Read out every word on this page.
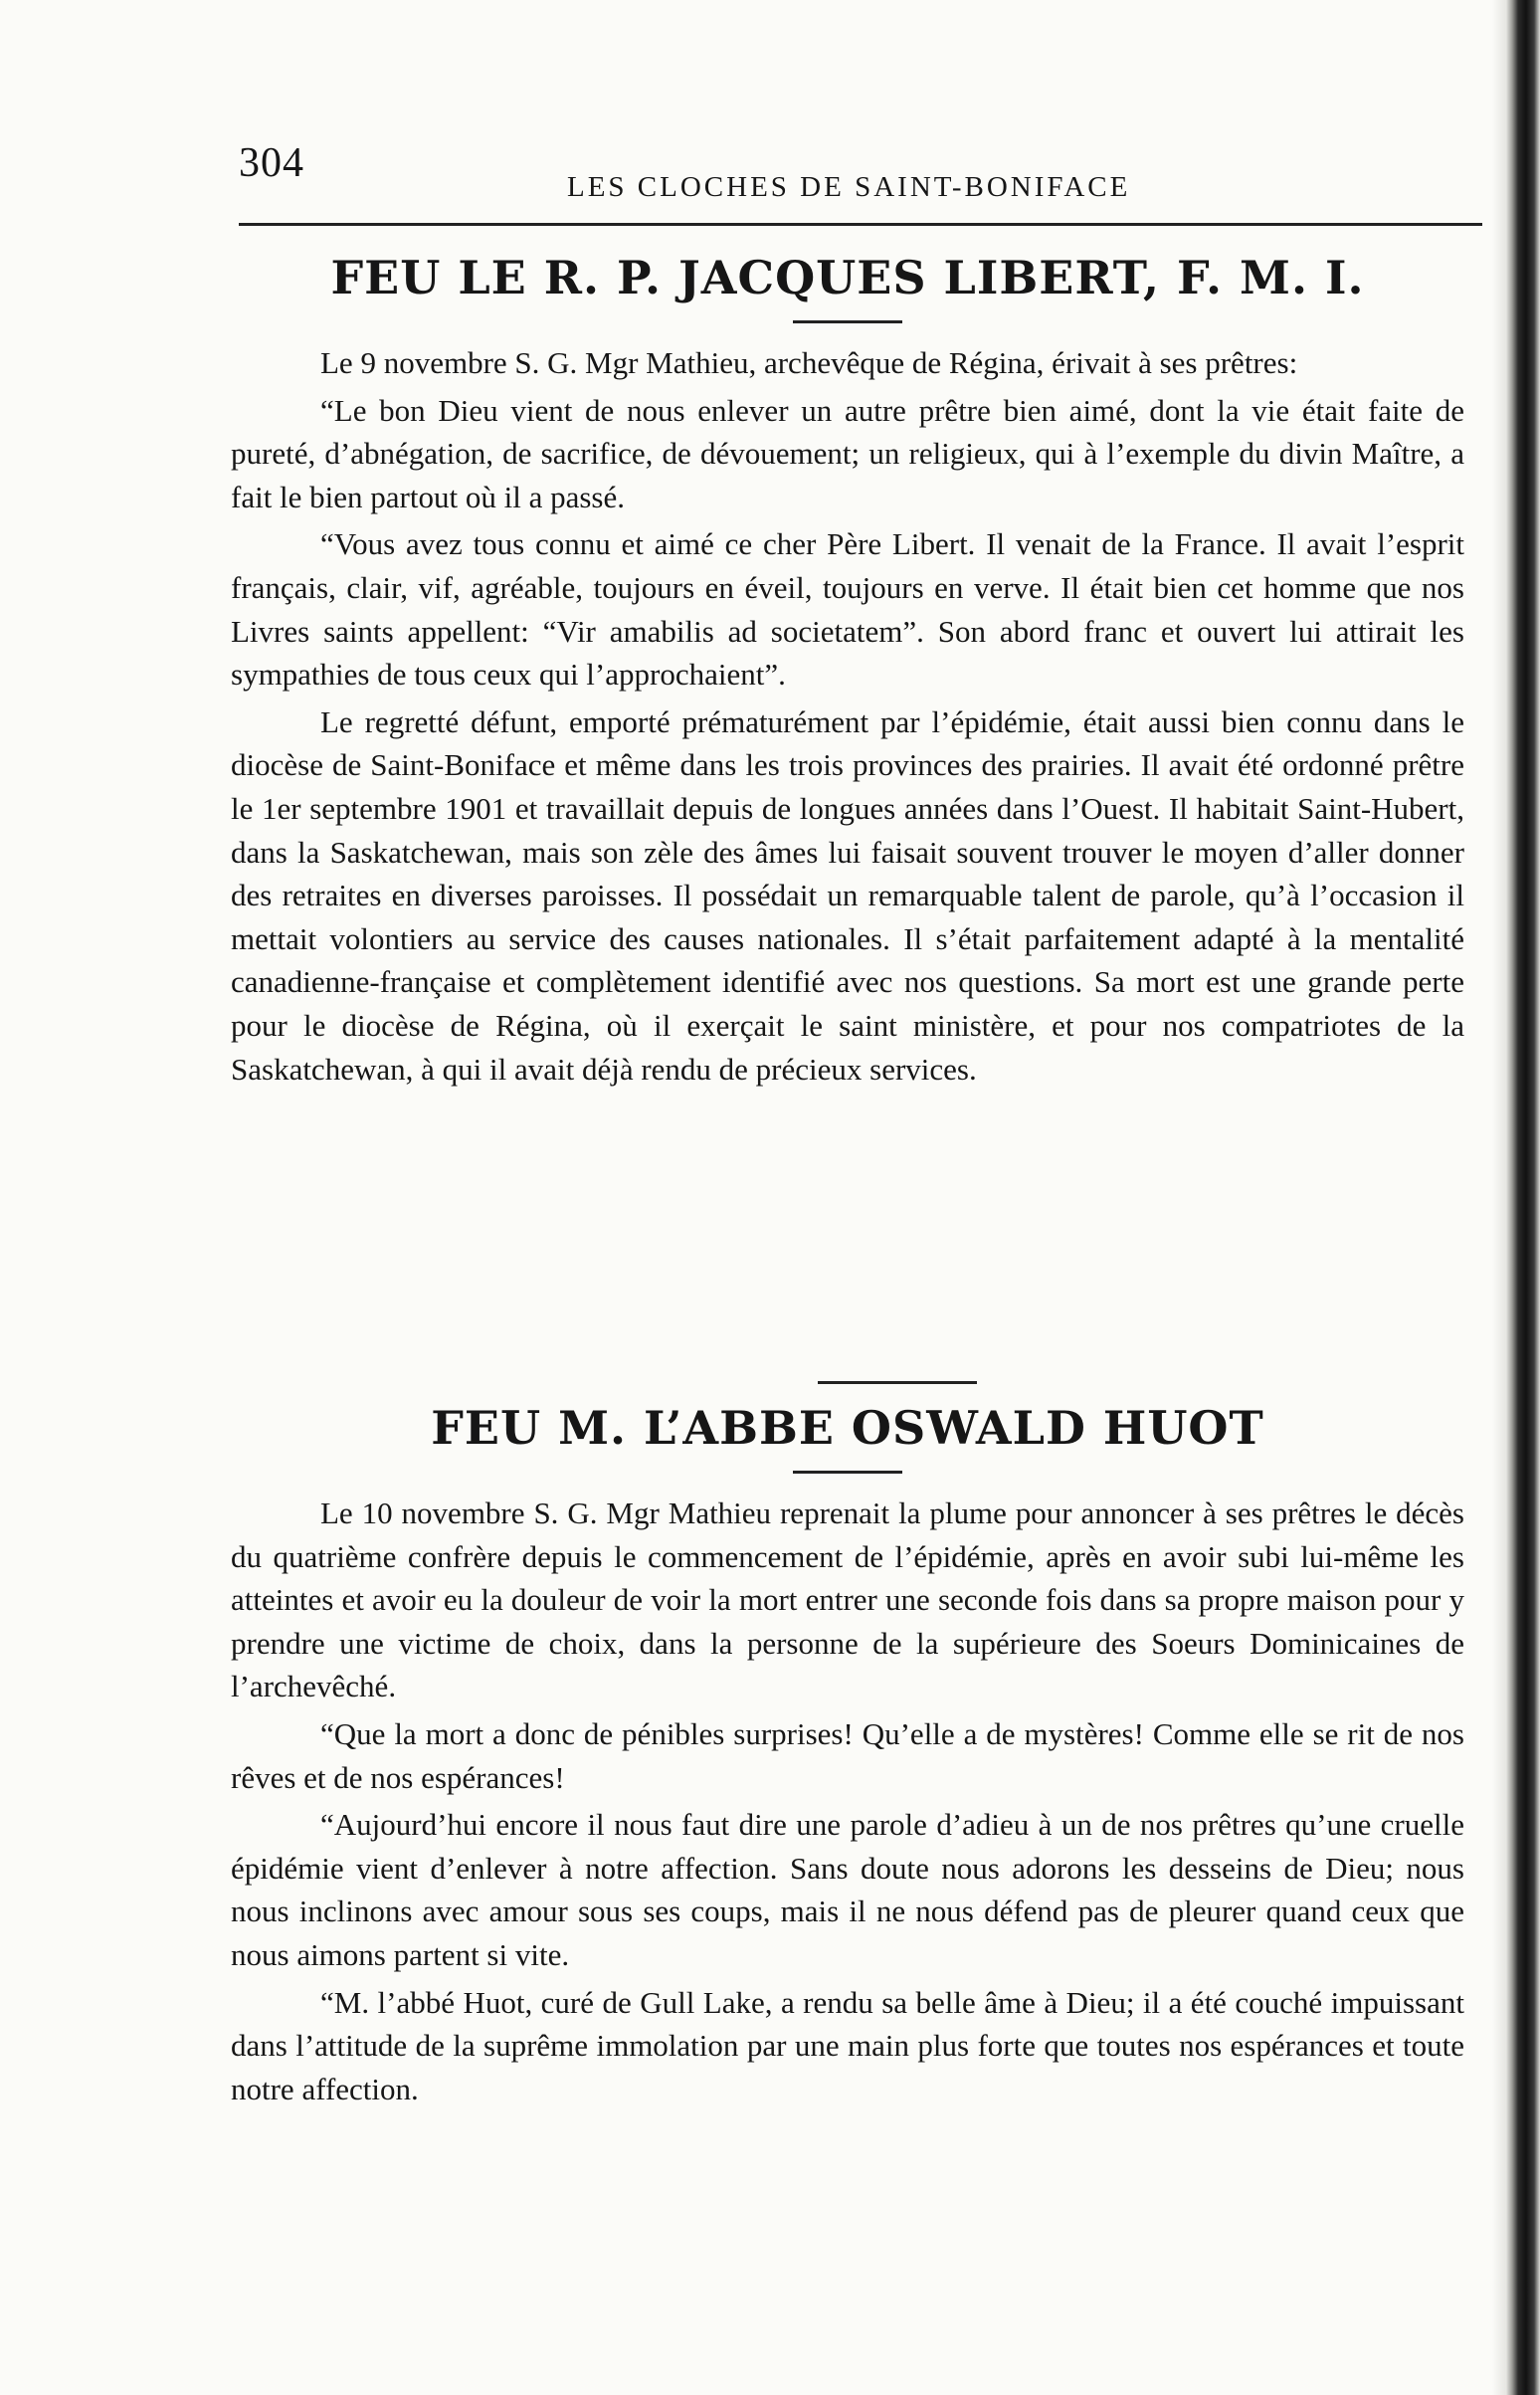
304
LES CLOCHES DE SAINT-BONIFACE
FEU LE R. P. JACQUES LIBERT, F. M. I.

Le 9 novembre S. G. Mgr Mathieu, archevêque de Régina, érivait à ses prêtres:

“Le bon Dieu vient de nous enlever un autre prêtre bien aimé, dont la vie était faite de pureté, d’abnégation, de sacrifice, de dévouement; un religieux, qui à l’exemple du divin Maître, a fait le bien partout où il a passé.

“Vous avez tous connu et aimé ce cher Père Libert. Il venait de la France. Il avait l’esprit français, clair, vif, agréable, toujours en éveil, toujours en verve. Il était bien cet homme que nos Livres saints appellent: “Vir amabilis ad societatem”. Son abord franc et ouvert lui attirait les sympathies de tous ceux qui l’approchaient”.

Le regretté défunt, emporté prématurément par l’épidémie, était aussi bien connu dans le diocèse de Saint-Boniface et même dans les trois provinces des prairies. Il avait été ordonné prêtre le 1er septembre 1901 et travaillait depuis de longues années dans l’Ouest. Il habitait Saint-Hubert, dans la Saskatchewan, mais son zèle des âmes lui faisait souvent trouver le moyen d’aller donner des retraites en diverses paroisses. Il possédait un remarquable talent de parole, qu’à l’occasion il mettait volontiers au service des causes nationales. Il s’était parfaitement adapté à la mentalité canadienne-française et complètement identifié avec nos questions. Sa mort est une grande perte pour le diocèse de Régina, où il exerçait le saint ministère, et pour nos compatriotes de la Saskatchewan, à qui il avait déjà rendu de précieux services.

FEU M. L’ABBE OSWALD HUOT

Le 10 novembre S. G. Mgr Mathieu reprenait la plume pour annoncer à ses prêtres le décès du quatrième confrère depuis le commencement de l’épidémie, après en avoir subi lui-même les atteintes et avoir eu la douleur de voir la mort entrer une seconde fois dans sa propre maison pour y prendre une victime de choix, dans la personne de la supérieure des Soeurs Dominicaines de l’archevêché.

“Que la mort a donc de pénibles surprises! Qu’elle a de mystères! Comme elle se rit de nos rêves et de nos espérances!

“Aujourd’hui encore il nous faut dire une parole d’adieu à un de nos prêtres qu’une cruelle épidémie vient d’enlever à notre affection. Sans doute nous adorons les desseins de Dieu; nous nous inclinons avec amour sous ses coups, mais il ne nous défend pas de pleurer quand ceux que nous aimons partent si vite.

“M. l’abbé Huot, curé de Gull Lake, a rendu sa belle âme à Dieu; il a été couché impuissant dans l’attitude de la suprême immolation par une main plus forte que toutes nos espérances et toute notre affection.
